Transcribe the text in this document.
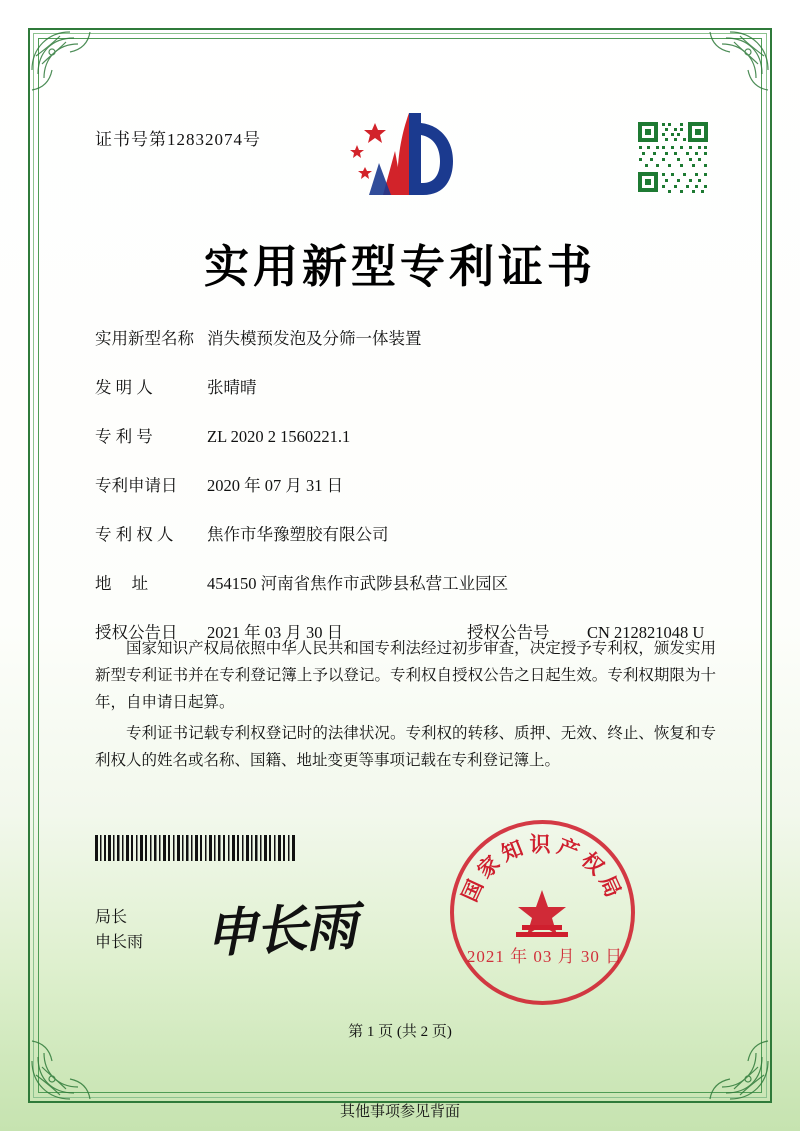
证书号第12832074号
实用新型专利证书
实用新型名称 消失模预发泡及分筛一体装置
发 明 人	张晴晴
专 利 号	ZL 2020 2 1560221.1
专利申请日	2020 年 07 月 31 日
专 利 权 人	焦作市华豫塑胶有限公司
地 址	454150 河南省焦作市武陟县私营工业园区
授权公告日	2021 年 03 月 30 日	授权公告号	CN 212821048 U

国家知识产权局依照中华人民共和国专利法经过初步审查，决定授予专利权，颁发实用新型专利证书并在专利登记簿上予以登记。专利权自授权公告之日起生效。专利权期限为十年，自申请日起算。

专利证书记载专利权登记时的法律状况。专利权的转移、质押、无效、终止、恢复和专利权人的姓名或名称、国籍、地址变更等事项记载在专利登记簿上。

局长
申长雨 申长雨
国家知识产权局
2021 年 03 月 30 日
第 1 页 (共 2 页)
其他事项参见背面
